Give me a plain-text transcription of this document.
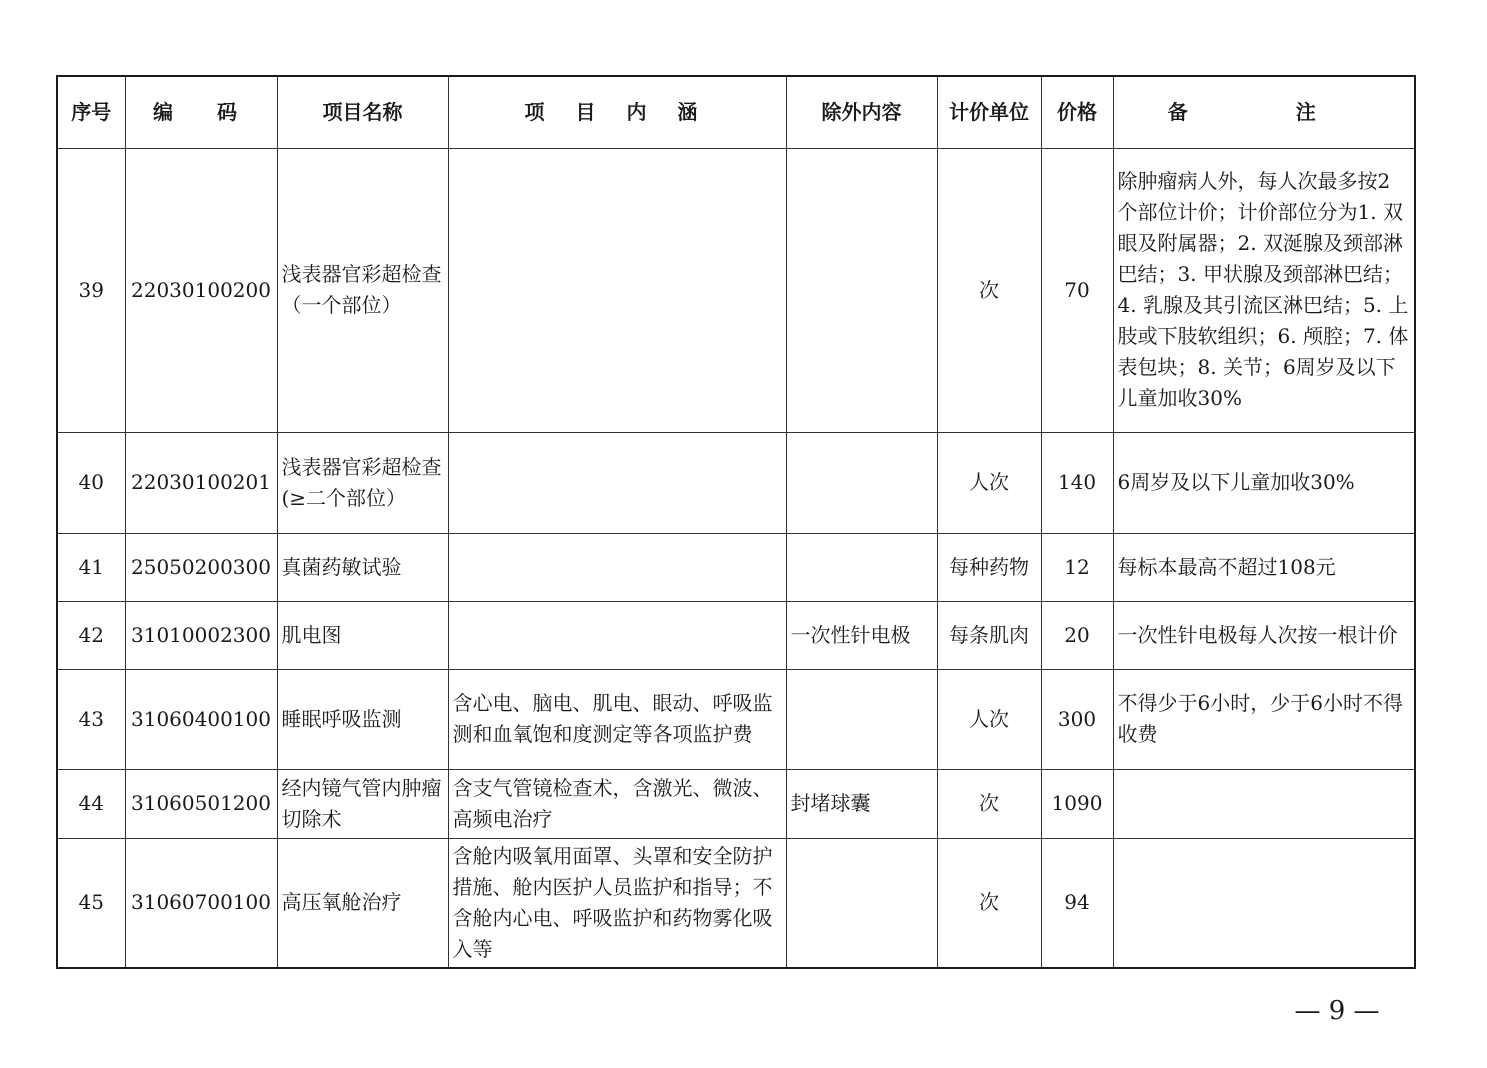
序号	编　码	项目名称	项 目 内 涵	除外内容	计价单位	价格	备　注
39	22030100200	浅表器官彩超检查（一个部位）			次	70	除肿瘤病人外，每人次最多按2个部位计价；计价部位分为1. 双眼及附属器；2. 双涎腺及颈部淋巴结；3. 甲状腺及颈部淋巴结；4. 乳腺及其引流区淋巴结；5. 上肢或下肢软组织；6. 颅腔；7. 体表包块；8. 关节；6周岁及以下儿童加收30%
40	22030100201	浅表器官彩超检查(≥二个部位）			人次	140	6周岁及以下儿童加收30%
41	25050200300	真菌药敏试验			每种药物	12	每标本最高不超过108元
42	31010002300	肌电图		一次性针电极	每条肌肉	20	一次性针电极每人次按一根计价
43	31060400100	睡眠呼吸监测	含心电、脑电、肌电、眼动、呼吸监测和血氧饱和度测定等各项监护费		人次	300	不得少于6小时，少于6小时不得收费
44	31060501200	经内镜气管内肿瘤切除术	含支气管镜检查术，含激光、微波、高频电治疗	封堵球囊	次	1090	
45	31060700100	高压氧舱治疗	含舱内吸氧用面罩、头罩和安全防护措施、舱内医护人员监护和指导；不含舱内心电、呼吸监护和药物雾化吸入等		次	94	
— 9 —
